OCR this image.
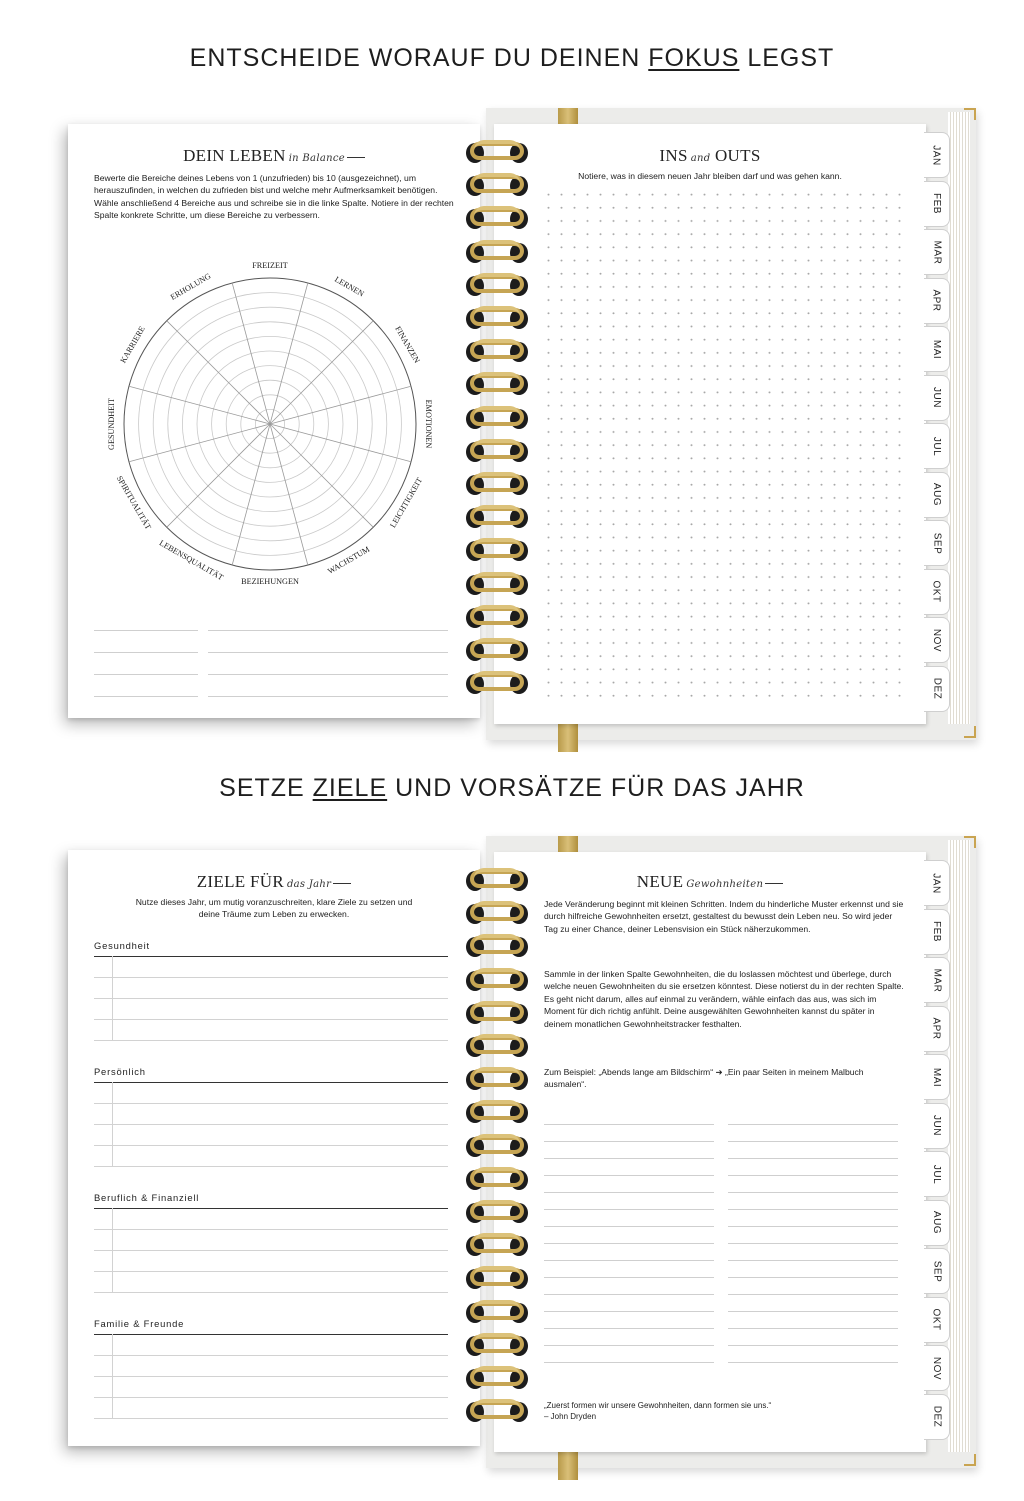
ENTSCHEIDE WORAUF DU DEINEN FOKUS LEGST
INS and OUTS
Notiere, was in diesem neuen Jahr bleiben darf und was gehen kann.
DEIN LEBEN in Balance
Bewerte die Bereiche deines Lebens von 1 (unzufrieden) bis 10 (ausgezeichnet), um herauszufinden, in welchen du zufrieden bist und welche mehr Aufmerksamkeit benötigen. Wähle anschließend 4 Bereiche aus und schreibe sie in die linke Spalte. Notiere in der rechten Spalte konkrete Schritte, um diese Bereiche zu verbessern.
FREIZEIT
LERNEN
FINANZEN
EMOTIONEN
LEICHTIGKEIT
WACHSTUM
BEZIEHUNGEN
LEBENSQUALITÄT
SPIRITUALITÄT
GESUNDHEIT
KARRIERE
ERHOLUNG
JAN
FEB
MAR
APR
MAI
JUN
JUL
AUG
SEP
OKT
NOV
DEZ
SETZE ZIELE UND VORSÄTZE FÜR DAS JAHR
NEUE Gewohnheiten
Jede Veränderung beginnt mit kleinen Schritten. Indem du hinderliche Muster erkennst und sie durch hilfreiche Gewohnheiten ersetzt, gestaltest du bewusst dein Leben neu. So wird jeder Tag zu einer Chance, deiner Lebensvision ein Stück näherzukommen.
Sammle in der linken Spalte Gewohnheiten, die du loslassen möchtest und überlege, durch welche neuen Gewohnheiten du sie ersetzen könntest. Diese notierst du in der rechten Spalte. Es geht nicht darum, alles auf einmal zu verändern, wähle einfach das aus, was sich im Moment für dich richtig anfühlt. Deine ausgewählten Gewohnheiten kannst du später in deinem monatlichen Gewohnheitstracker festhalten.
Zum Beispiel: „Abends lange am Bildschirm“ ➜ „Ein paar Seiten in meinem Malbuch ausmalen“.
„Zuerst formen wir unsere Gewohnheiten, dann formen sie uns.“
– John Dryden
ZIELE FÜR das Jahr
Nutze dieses Jahr, um mutig voranzuschreiten, klare Ziele zu setzen und deine Träume zum Leben zu erwecken.
Gesundheit
Persönlich
Beruflich & Finanziell
Familie & Freunde
JAN
FEB
MAR
APR
MAI
JUN
JUL
AUG
SEP
OKT
NOV
DEZ
